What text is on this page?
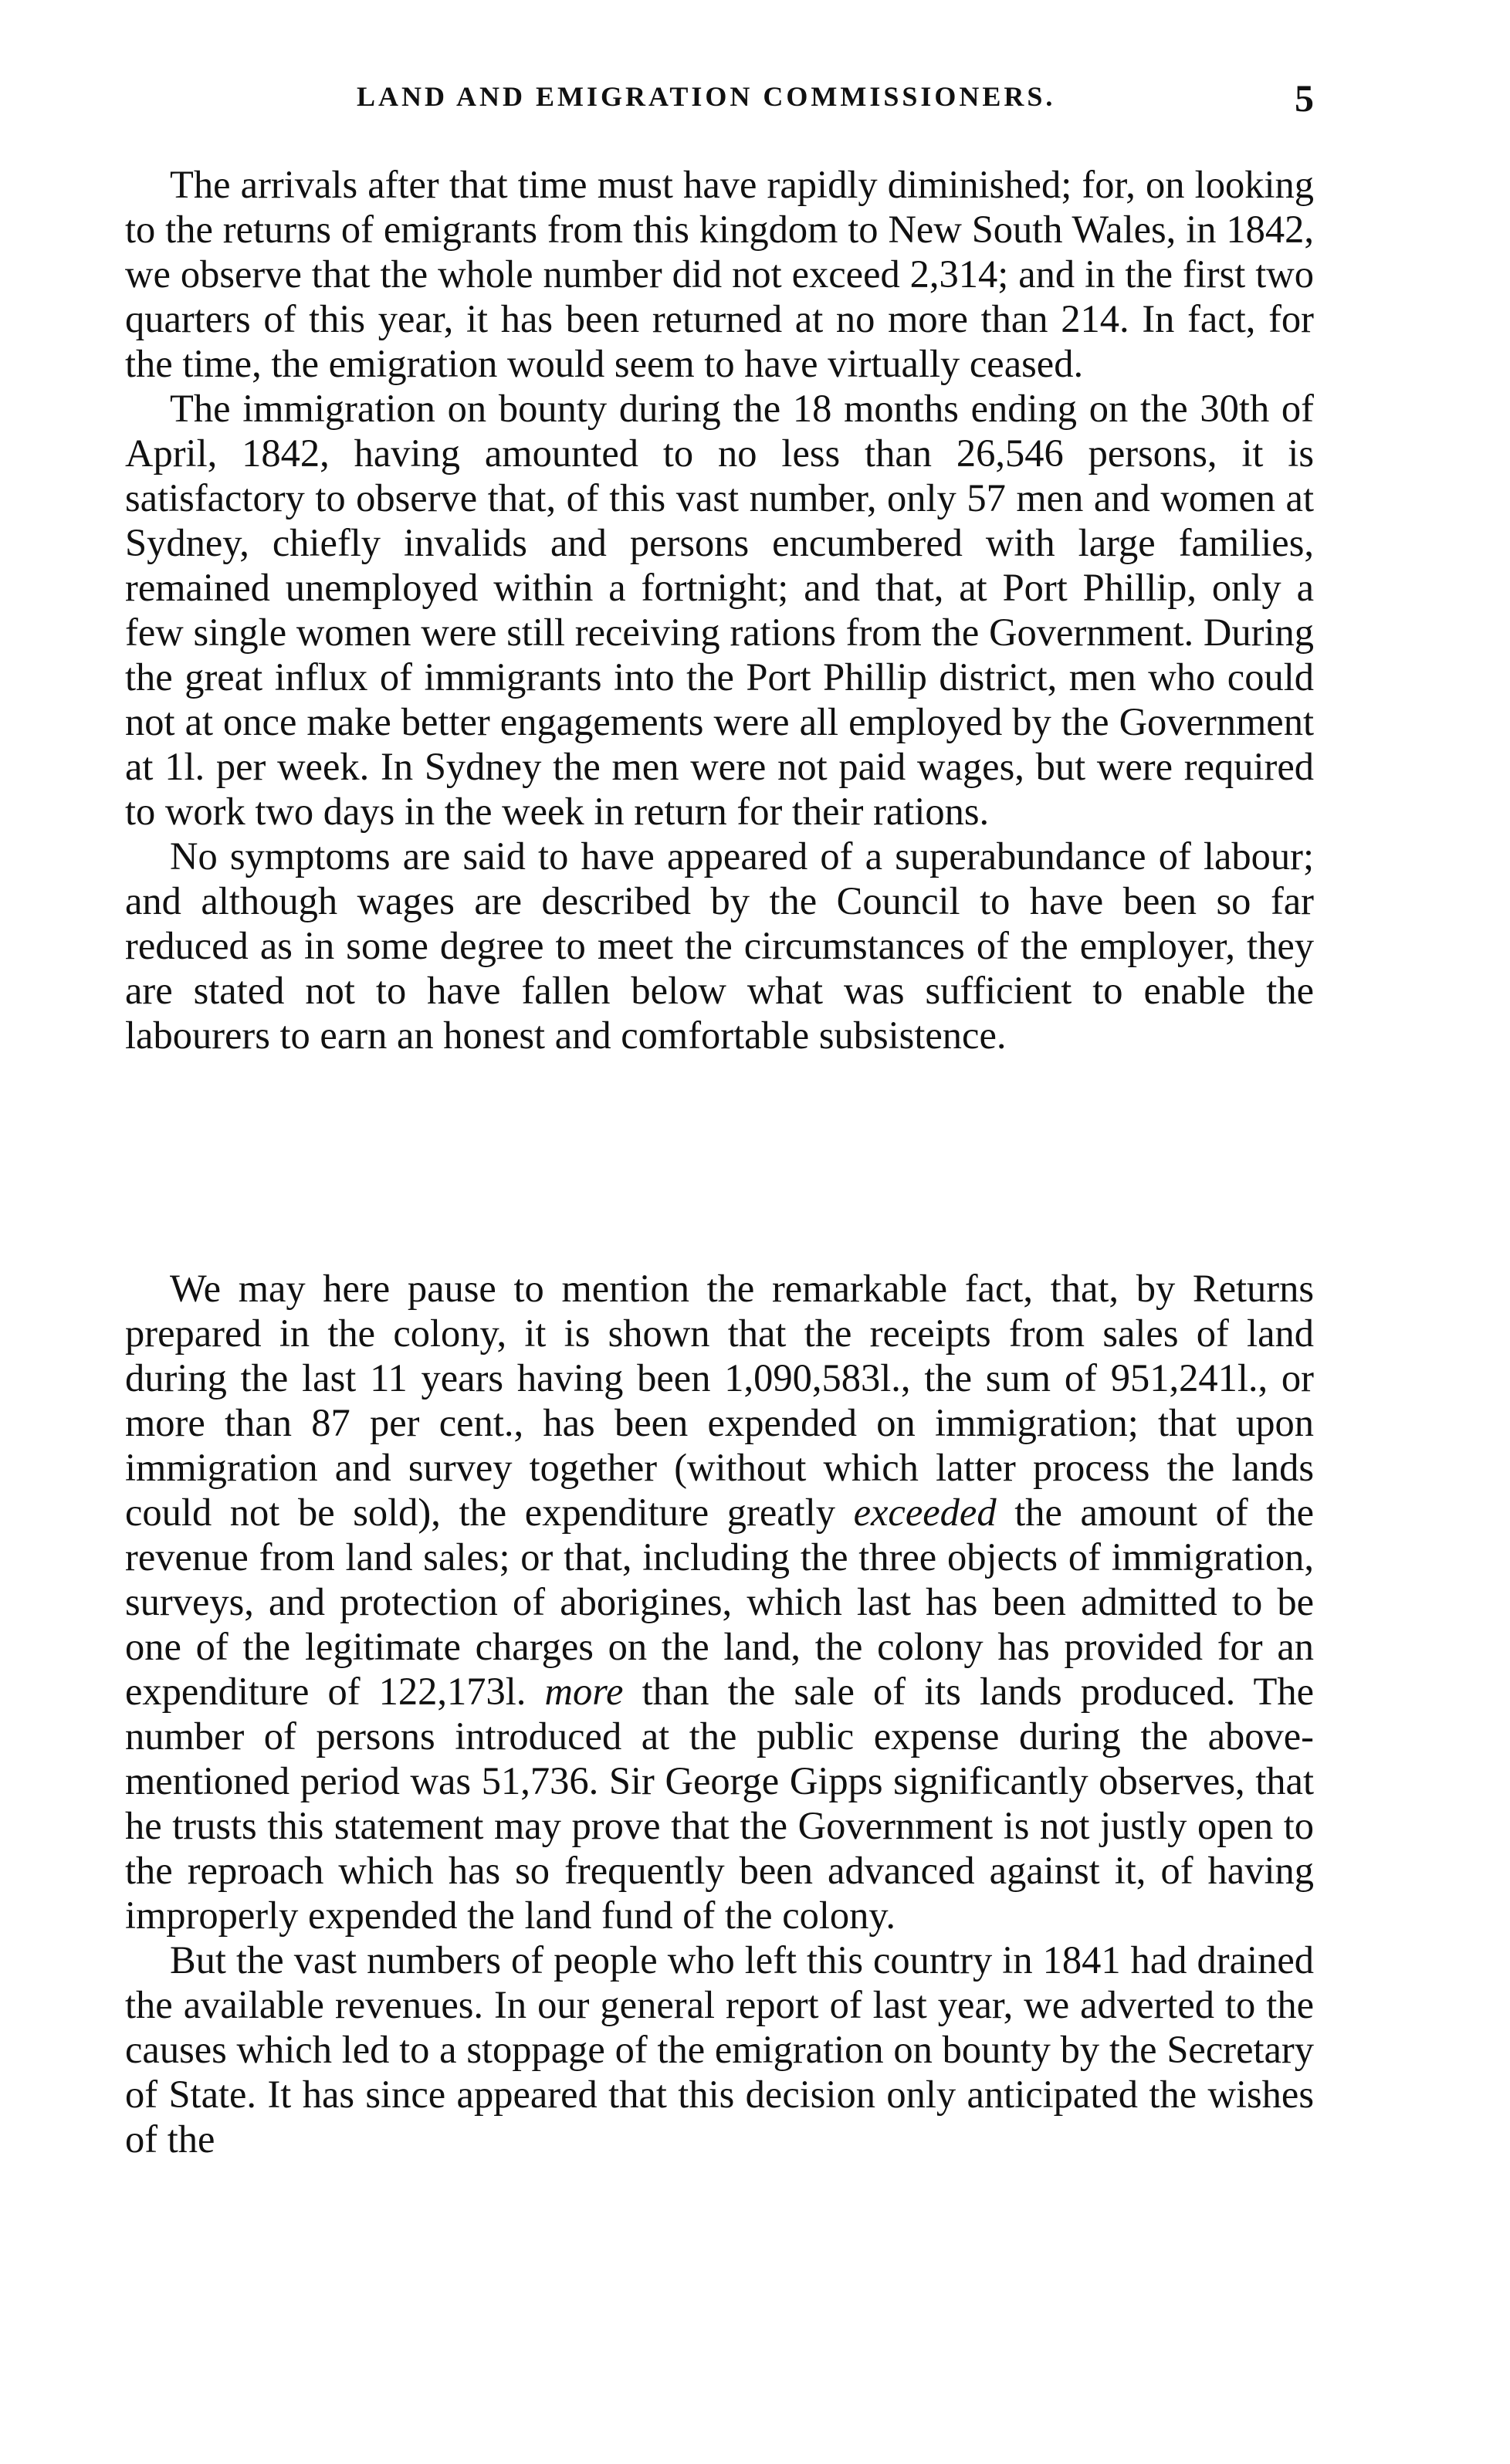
LAND AND EMIGRATION COMMISSIONERS.	5

The arrivals after that time must have rapidly diminished; for, on looking to the returns of emigrants from this kingdom to New South Wales, in 1842, we observe that the whole number did not exceed 2,314; and in the first two quarters of this year, it has been returned at no more than 214. In fact, for the time, the emigration would seem to have virtually ceased.

The immigration on bounty during the 18 months ending on the 30th of April, 1842, having amounted to no less than 26,546 persons, it is satisfactory to observe that, of this vast number, only 57 men and women at Sydney, chiefly invalids and persons encumbered with large families, remained unemployed within a fortnight; and that, at Port Phillip, only a few single women were still receiving rations from the Government. During the great influx of immigrants into the Port Phillip district, men who could not at once make better engagements were all employed by the Government at 1l. per week. In Sydney the men were not paid wages, but were required to work two days in the week in return for their rations.

No symptoms are said to have appeared of a superabundance of labour; and although wages are described by the Council to have been so far reduced as in some degree to meet the circumstances of the employer, they are stated not to have fallen below what was sufficient to enable the labourers to earn an honest and comfortable subsistence.

We may here pause to mention the remarkable fact, that, by Returns prepared in the colony, it is shown that the receipts from sales of land during the last 11 years having been 1,090,583l., the sum of 951,241l., or more than 87 per cent., has been expended on immigration; that upon immigration and survey together (without which latter process the lands could not be sold), the expenditure greatly exceeded the amount of the revenue from land sales; or that, including the three objects of immigration, surveys, and protection of aborigines, which last has been admitted to be one of the legitimate charges on the land, the colony has provided for an expenditure of 122,173l. more than the sale of its lands produced. The number of persons introduced at the public expense during the above-mentioned period was 51,736. Sir George Gipps significantly observes, that he trusts this statement may prove that the Government is not justly open to the reproach which has so frequently been advanced against it, of having improperly expended the land fund of the colony.

But the vast numbers of people who left this country in 1841 had drained the available revenues. In our general report of last year, we adverted to the causes which led to a stoppage of the emigration on bounty by the Secretary of State. It has since appeared that this decision only anticipated the wishes of the
